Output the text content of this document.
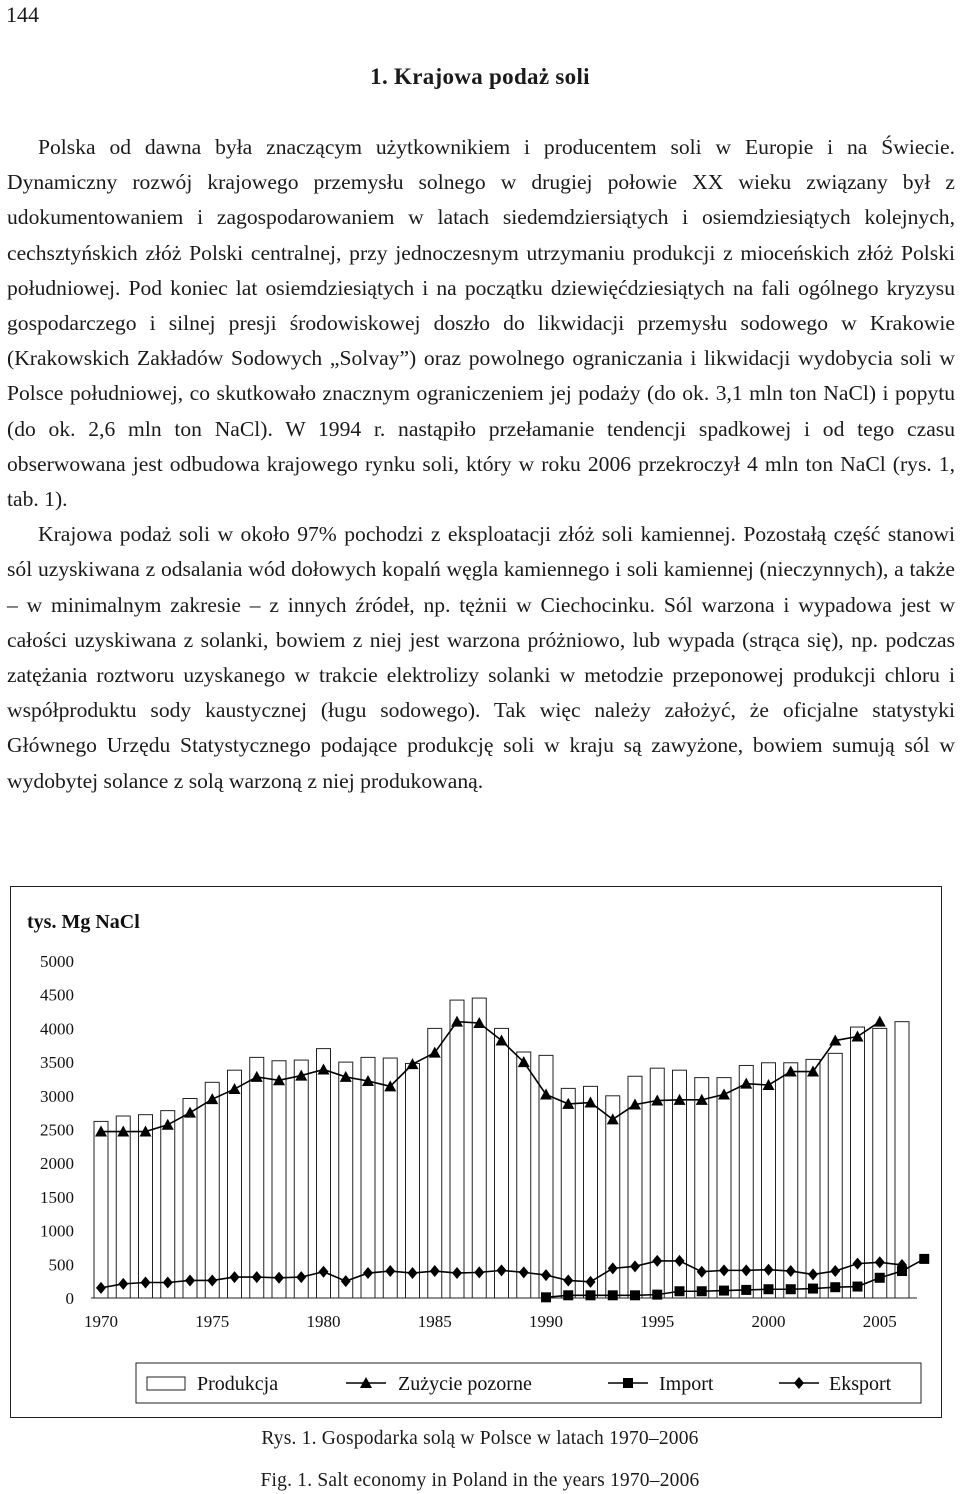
144
1. Krajowa podaż soli

Polska od dawna była znaczącym użytkownikiem i producentem soli w Europie i na Świecie. Dynamiczny rozwój krajowego przemysłu solnego w drugiej połowie XX wieku związany był z udokumentowaniem i zagospodarowaniem w latach siedemdziersiątych i osiemdziesiątych kolejnych, cechsztyńskich złóż Polski centralnej, przy jednoczesnym utrzymaniu produkcji z mioceńskich złóż Polski południowej. Pod koniec lat osiemdziesiątych i na początku dziewięćdziesiątych na fali ogólnego kryzysu gospodarczego i silnej presji środowiskowej doszło do likwidacji przemysłu sodowego w Krakowie (Krakowskich Zakładów Sodowych „Solvay”) oraz powolnego ograniczania i likwidacji wydobycia soli w Polsce południowej, co skutkowało znacznym ograniczeniem jej podaży (do ok. 3,1 mln ton NaCl) i popytu (do ok. 2,6 mln ton NaCl). W 1994 r. nastąpiło przełamanie tendencji spadkowej i od tego czasu obserwowana jest odbudowa krajowego rynku soli, który w roku 2006 przekroczył 4 mln ton NaCl (rys. 1, tab. 1).

Krajowa podaż soli w około 97% pochodzi z eksploatacji złóż soli kamiennej. Pozostałą część stanowi sól uzyskiwana z odsalania wód dołowych kopalń węgla kamiennego i soli kamiennej (nieczynnych), a także – w minimalnym zakresie – z innych źródeł, np. tężnii w Ciechocinku. Sól warzona i wypadowa jest w całości uzyskiwana z solanki, bowiem z niej jest warzona próżniowo, lub wypada (strąca się), np. podczas zatężania roztworu uzyskanego w trakcie elektrolizy solanki w metodzie przeponowej produkcji chloru i współproduktu sody kaustycznej (ługu sodowego). Tak więc należy założyć, że oficjalne statystyki Głównego Urzędu Statystycznego podające produkcję soli w kraju są zawyżone, bowiem sumują sól w wydobytej solance z solą warzoną z niej produkowaną.

tys. Mg NaCl
0
500
1000
1500
2000
2500
3000
3500
4000
4500
5000
1970	1975	1980	1985	1990	1995	2000	2005
Produkcja	Zużycie pozorne	Import	Eksport
Rys. 1. Gospodarka solą w Polsce w latach 1970–2006
Fig. 1. Salt economy in Poland in the years 1970–2006
